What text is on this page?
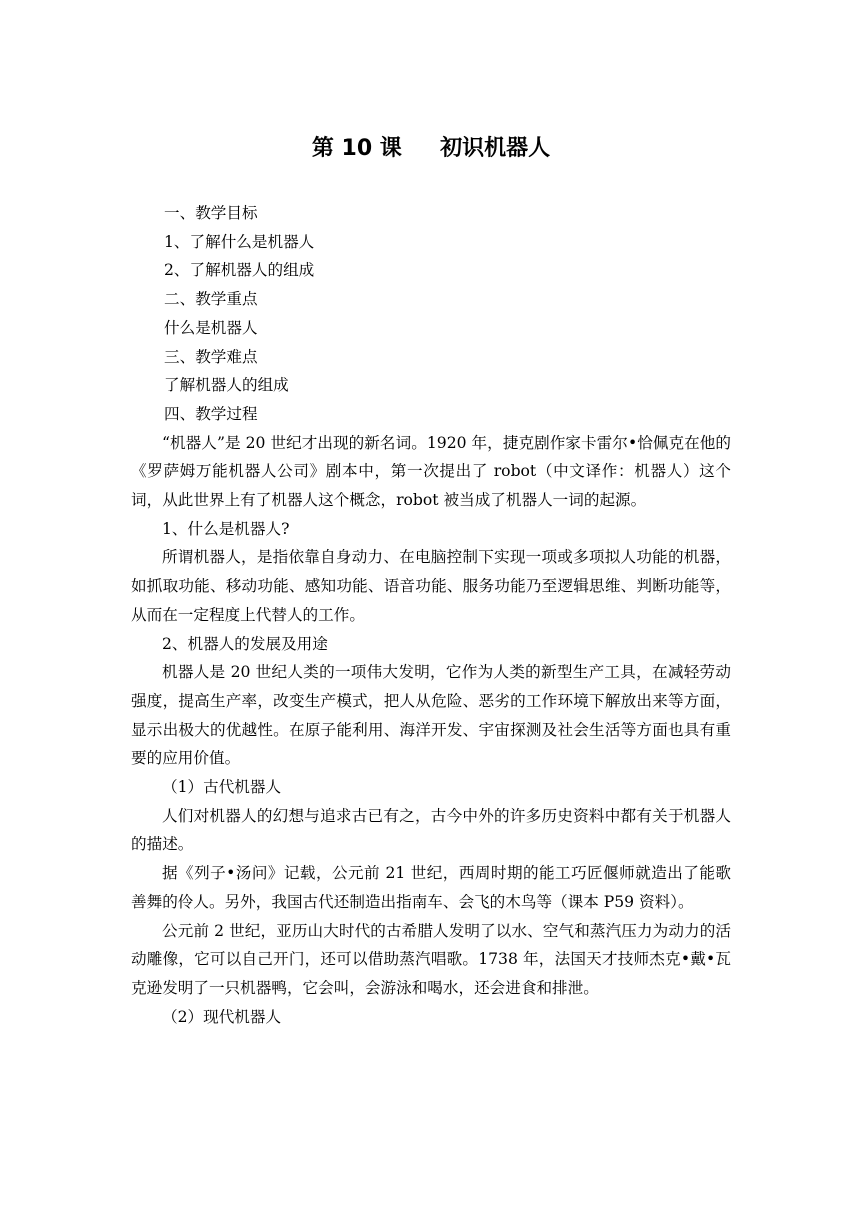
第 10 课     初识机器人

一、教学目标

1、了解什么是机器人

2、了解机器人的组成

二、教学重点

什么是机器人

三、教学难点

了解机器人的组成

四、教学过程

“机器人”是 20 世纪才出现的新名词。1920 年，捷克剧作家卡雷尔•恰佩克在他的《罗萨姆万能机器人公司》剧本中，第一次提出了 robot（中文译作：机器人）这个词，从此世界上有了机器人这个概念，robot 被当成了机器人一词的起源。

1、什么是机器人?

所谓机器人，是指依靠自身动力、在电脑控制下实现一项或多项拟人功能的机器，如抓取功能、移动功能、感知功能、语音功能、服务功能乃至逻辑思维、判断功能等，从而在一定程度上代替人的工作。

2、机器人的发展及用途

机器人是 20 世纪人类的一项伟大发明，它作为人类的新型生产工具，在减轻劳动强度，提高生产率，改变生产模式，把人从危险、恶劣的工作环境下解放出来等方面，显示出极大的优越性。在原子能利用、海洋开发、宇宙探测及社会生活等方面也具有重要的应用价值。

（1）古代机器人

人们对机器人的幻想与追求古已有之，古今中外的许多历史资料中都有关于机器人的描述。

据《列子•汤问》记载，公元前 21 世纪，西周时期的能工巧匠偃师就造出了能歌善舞的伶人。另外，我国古代还制造出指南车、会飞的木鸟等（课本 P59 资料）。

公元前 2 世纪，亚历山大时代的古希腊人发明了以水、空气和蒸汽压力为动力的活动雕像，它可以自己开门，还可以借助蒸汽唱歌。1738 年，法国天才技师杰克•戴•瓦克逊发明了一只机器鸭，它会叫，会游泳和喝水，还会进食和排泄。

（2）现代机器人
